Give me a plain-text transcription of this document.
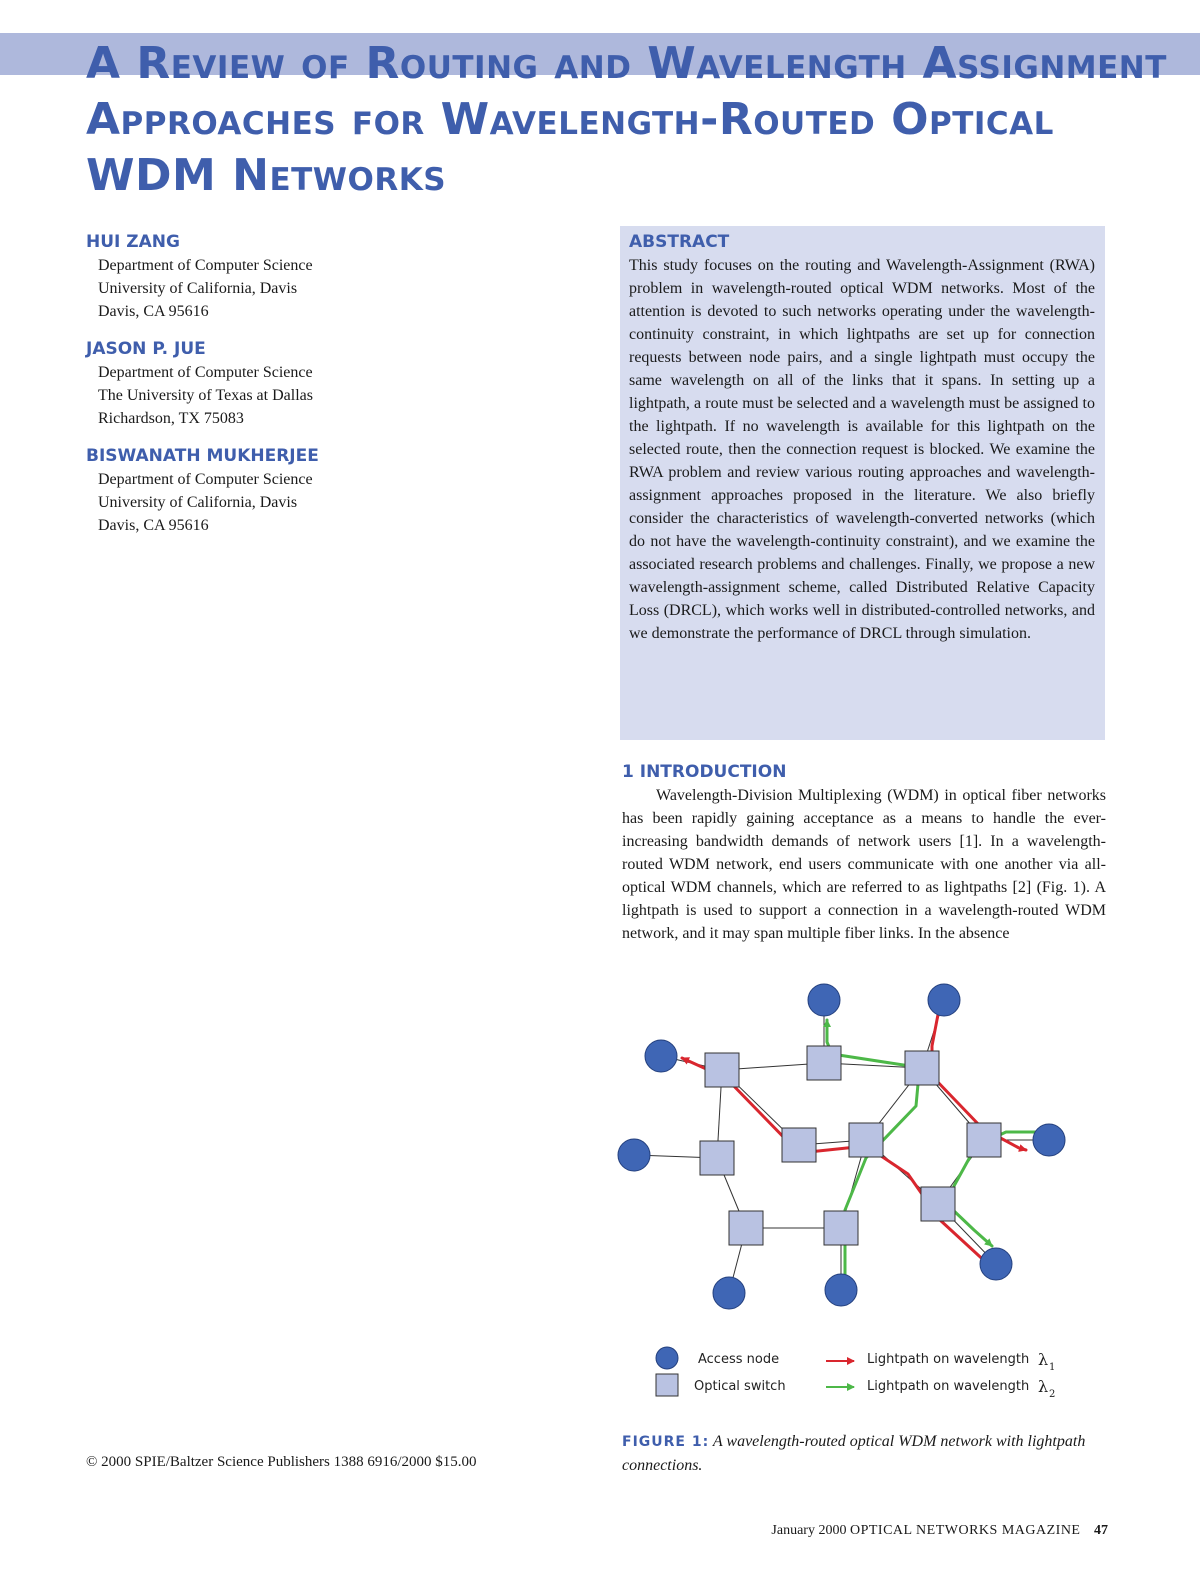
A Review of Routing and Wavelength Assignment Approaches for Wavelength-Routed Optical WDM Networks
HUI ZANG
Department of Computer Science
University of California, Davis
Davis, CA 95616
JASON P. JUE
Department of Computer Science
The University of Texas at Dallas
Richardson, TX 75083
BISWANATH MUKHERJEE
Department of Computer Science
University of California, Davis
Davis, CA 95616
ABSTRACT

This study focuses on the routing and Wavelength-Assignment (RWA) problem in wavelength-routed optical WDM networks. Most of the attention is devoted to such networks operating under the wavelength-continuity constraint, in which lightpaths are set up for connection requests between node pairs, and a single lightpath must occupy the same wavelength on all of the links that it spans. In setting up a lightpath, a route must be selected and a wavelength must be assigned to the lightpath. If no wavelength is available for this lightpath on the selected route, then the connection request is blocked. We examine the RWA problem and review various routing approaches and wavelength-assignment approaches proposed in the literature. We also briefly consider the characteristics of wavelength-converted networks (which do not have the wavelength-continuity constraint), and we examine the associated research problems and challenges. Finally, we propose a new wavelength-assignment scheme, called Distributed Relative Capacity Loss (DRCL), which works well in distributed-controlled networks, and we demonstrate the performance of DRCL through simulation.

1 INTRODUCTION

Wavelength-Division Multiplexing (WDM) in optical fiber networks has been rapidly gaining acceptance as a means to handle the ever-increasing bandwidth demands of network users [1]. In a wavelength-routed WDM network, end users communicate with one another via all-optical WDM channels, which are referred to as lightpaths [2] (Fig. 1). A lightpath is used to support a connection in a wavelength-routed WDM network, and it may span multiple fiber links. In the absence

Access node
Optical switch
Lightpath on wavelength λ 1
Lightpath on wavelength λ 2
FIGURE 1: A wavelength-routed optical WDM network with lightpath connections.
© 2000 SPIE/Baltzer Science Publishers 1388 6916/2000 $15.00
January 2000 OPTICAL NETWORKS MAGAZINE 47
